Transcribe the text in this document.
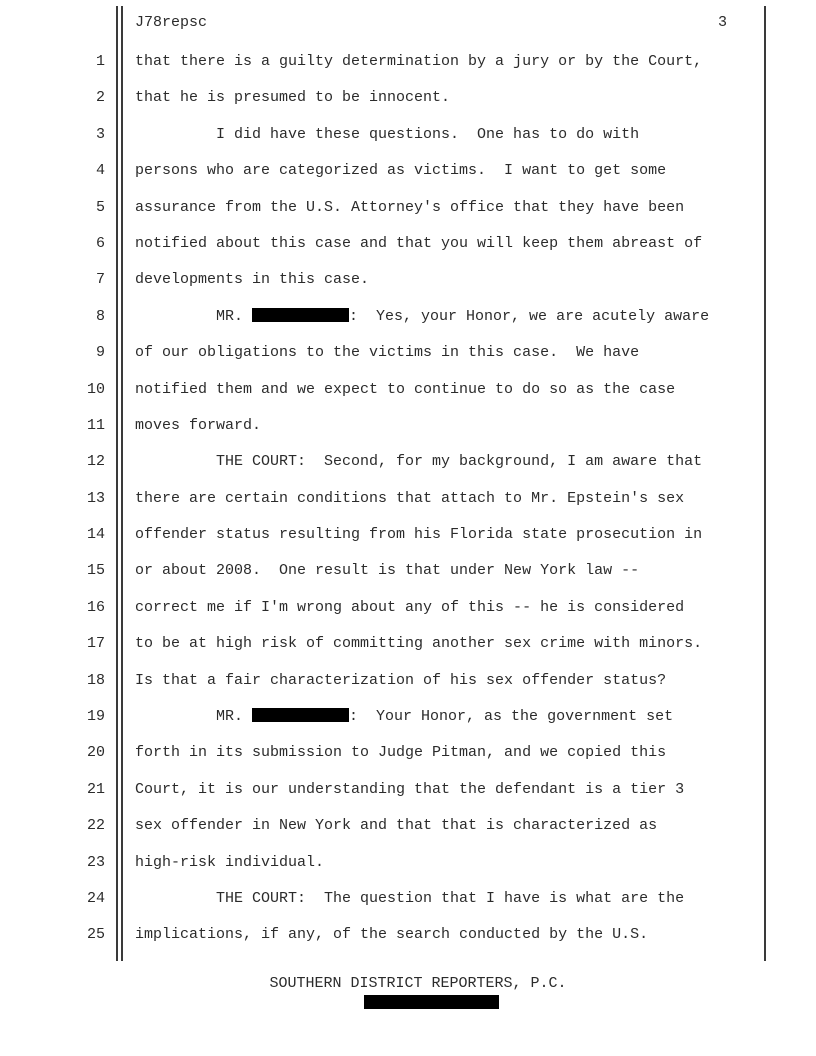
J78repsc	3
1 that there is a guilty determination by a jury or by the Court,
2 that he is presumed to be innocent.
3 I did have these questions.  One has to do with
4 persons who are categorized as victims.  I want to get some
5 assurance from the U.S. Attorney's office that they have been
6 notified about this case and that you will keep them abreast of
7 developments in this case.
8 MR.	:  Yes, your Honor, we are acutely aware
9 of our obligations to the victims in this case.  We have
10 notified them and we expect to continue to do so as the case
11 moves forward.
12 THE COURT:  Second, for my background, I am aware that
13 there are certain conditions that attach to Mr. Epstein's sex
14 offender status resulting from his Florida state prosecution in
15 or about 2008.  One result is that under New York law --
16 correct me if I'm wrong about any of this -- he is considered
17 to be at high risk of committing another sex crime with minors.
18 Is that a fair characterization of his sex offender status?
19 MR.	:  Your Honor, as the government set
20 forth in its submission to Judge Pitman, and we copied this
21 Court, it is our understanding that the defendant is a tier 3
22 sex offender in New York and that that is characterized as
23 high-risk individual.
24 THE COURT:  The question that I have is what are the
25 implications, if any, of the search conducted by the U.S.
SOUTHERN DISTRICT REPORTERS, P.C.
